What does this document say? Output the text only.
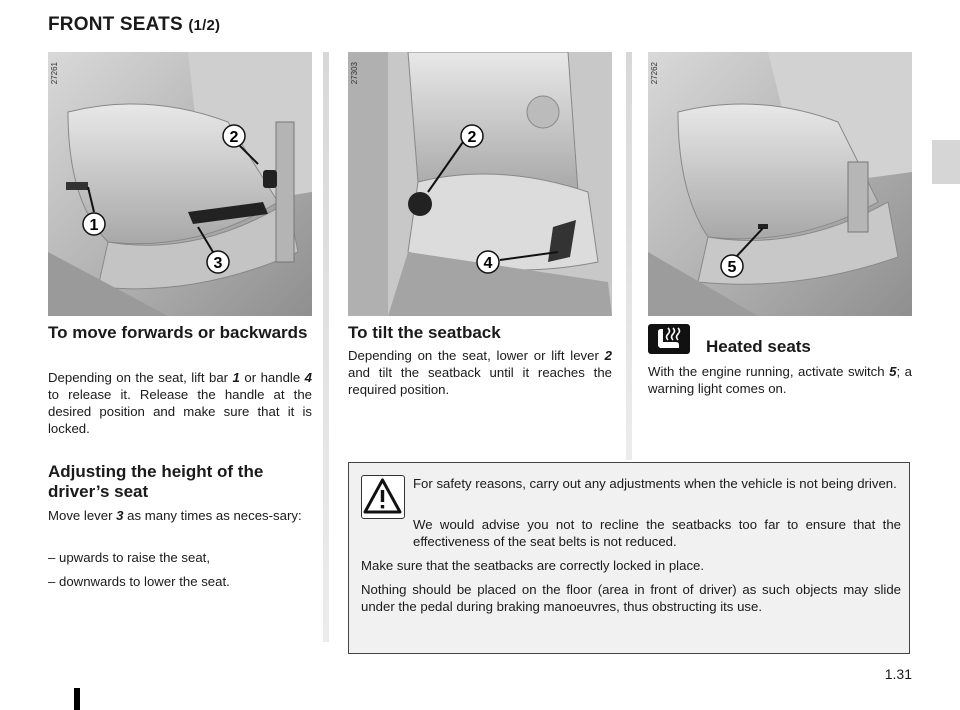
FRONT SEATS (1/2)
2
1
3
27261
2
4
27303
5
27262
To move forwards or backwards
Depending on the seat, lift bar 1 or handle 4 to release it. Release the handle at the desired position and make sure that it is locked.
Adjusting the height of the driver’s seat
Move lever 3 as many times as neces-sary:
– upwards to raise the seat,
– downwards to lower the seat.
To tilt the seatback
Depending on the seat, lower or lift lever 2 and tilt the seatback until it reaches the required position.
Heated seats
With the engine running, activate switch 5; a warning light comes on.
For safety reasons, carry out any adjustments when the vehicle is not being driven.
We would advise you not to recline the seatbacks too far to ensure that the effectiveness of the seat belts is not reduced.
Make sure that the seatbacks are correctly locked in place.
Nothing should be placed on the floor (area in front of driver) as such objects may slide under the pedal during braking manoeuvres, thus obstructing its use.
1.31
